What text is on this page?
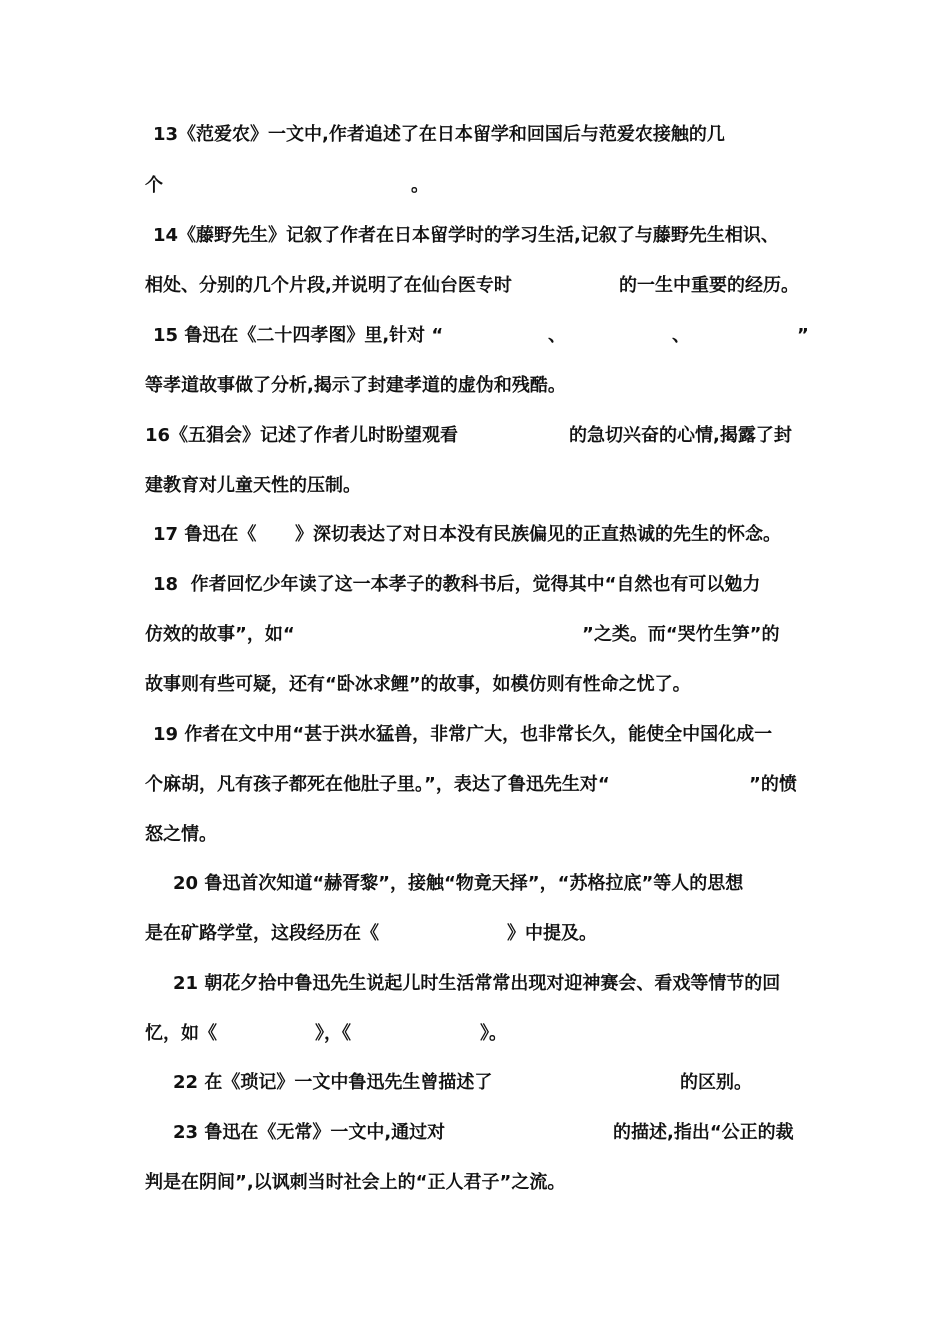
13《范爱农》一文中,作者追述了在日本留学和回国后与范爱农接触的几

个

	。

14《藤野先生》记叙了作者在日本留学时的学习生活,记叙了与藤野先生相识、

相处、分别的几个片段,并说明了在仙台医专时

	的一生中重要的经历。

15 鲁迅在《二十四孝图》里,针对 “

	、

	、

	”

等孝道故事做了分析,揭示了封建孝道的虚伪和残酷。

16《五猖会》记述了作者儿时盼望观看

	的急切兴奋的心情,揭露了封

建教育对儿童天性的压制。

17 鲁迅在《

》深切表达了对日本没有民族偏见的正直热诚的先生的怀念。

18  作者回忆少年读了这一本孝子的教科书后，觉得其中“自然也有可以勉力

仿效的故事”，如“

	”之类。而“哭竹生笋”的

故事则有些可疑，还有“卧冰求鲤”的故事，如模仿则有性命之忧了。

19 作者在文中用“甚于洪水猛兽，非常广大，也非常长久，能使全中国化成一

个麻胡，凡有孩子都死在他肚子里。”，表达了鲁迅先生对“

	”的愤

怒之情。

20 鲁迅首次知道“赫胥黎”，接触“物竟天择”，“苏格拉底”等人的思想

是在矿路学堂，这段经历在《

	》中提及。

21 朝花夕拾中鲁迅先生说起儿时生活常常出现对迎神赛会、看戏等情节的回

忆，如《

	》，《

	》。

22 在《琐记》一文中鲁迅先生曾描述了

	的区别。

23 鲁迅在《无常》一文中,通过对

	的描述,指出“公正的裁

判是在阴间”,以讽刺当时社会上的“正人君子”之流。
